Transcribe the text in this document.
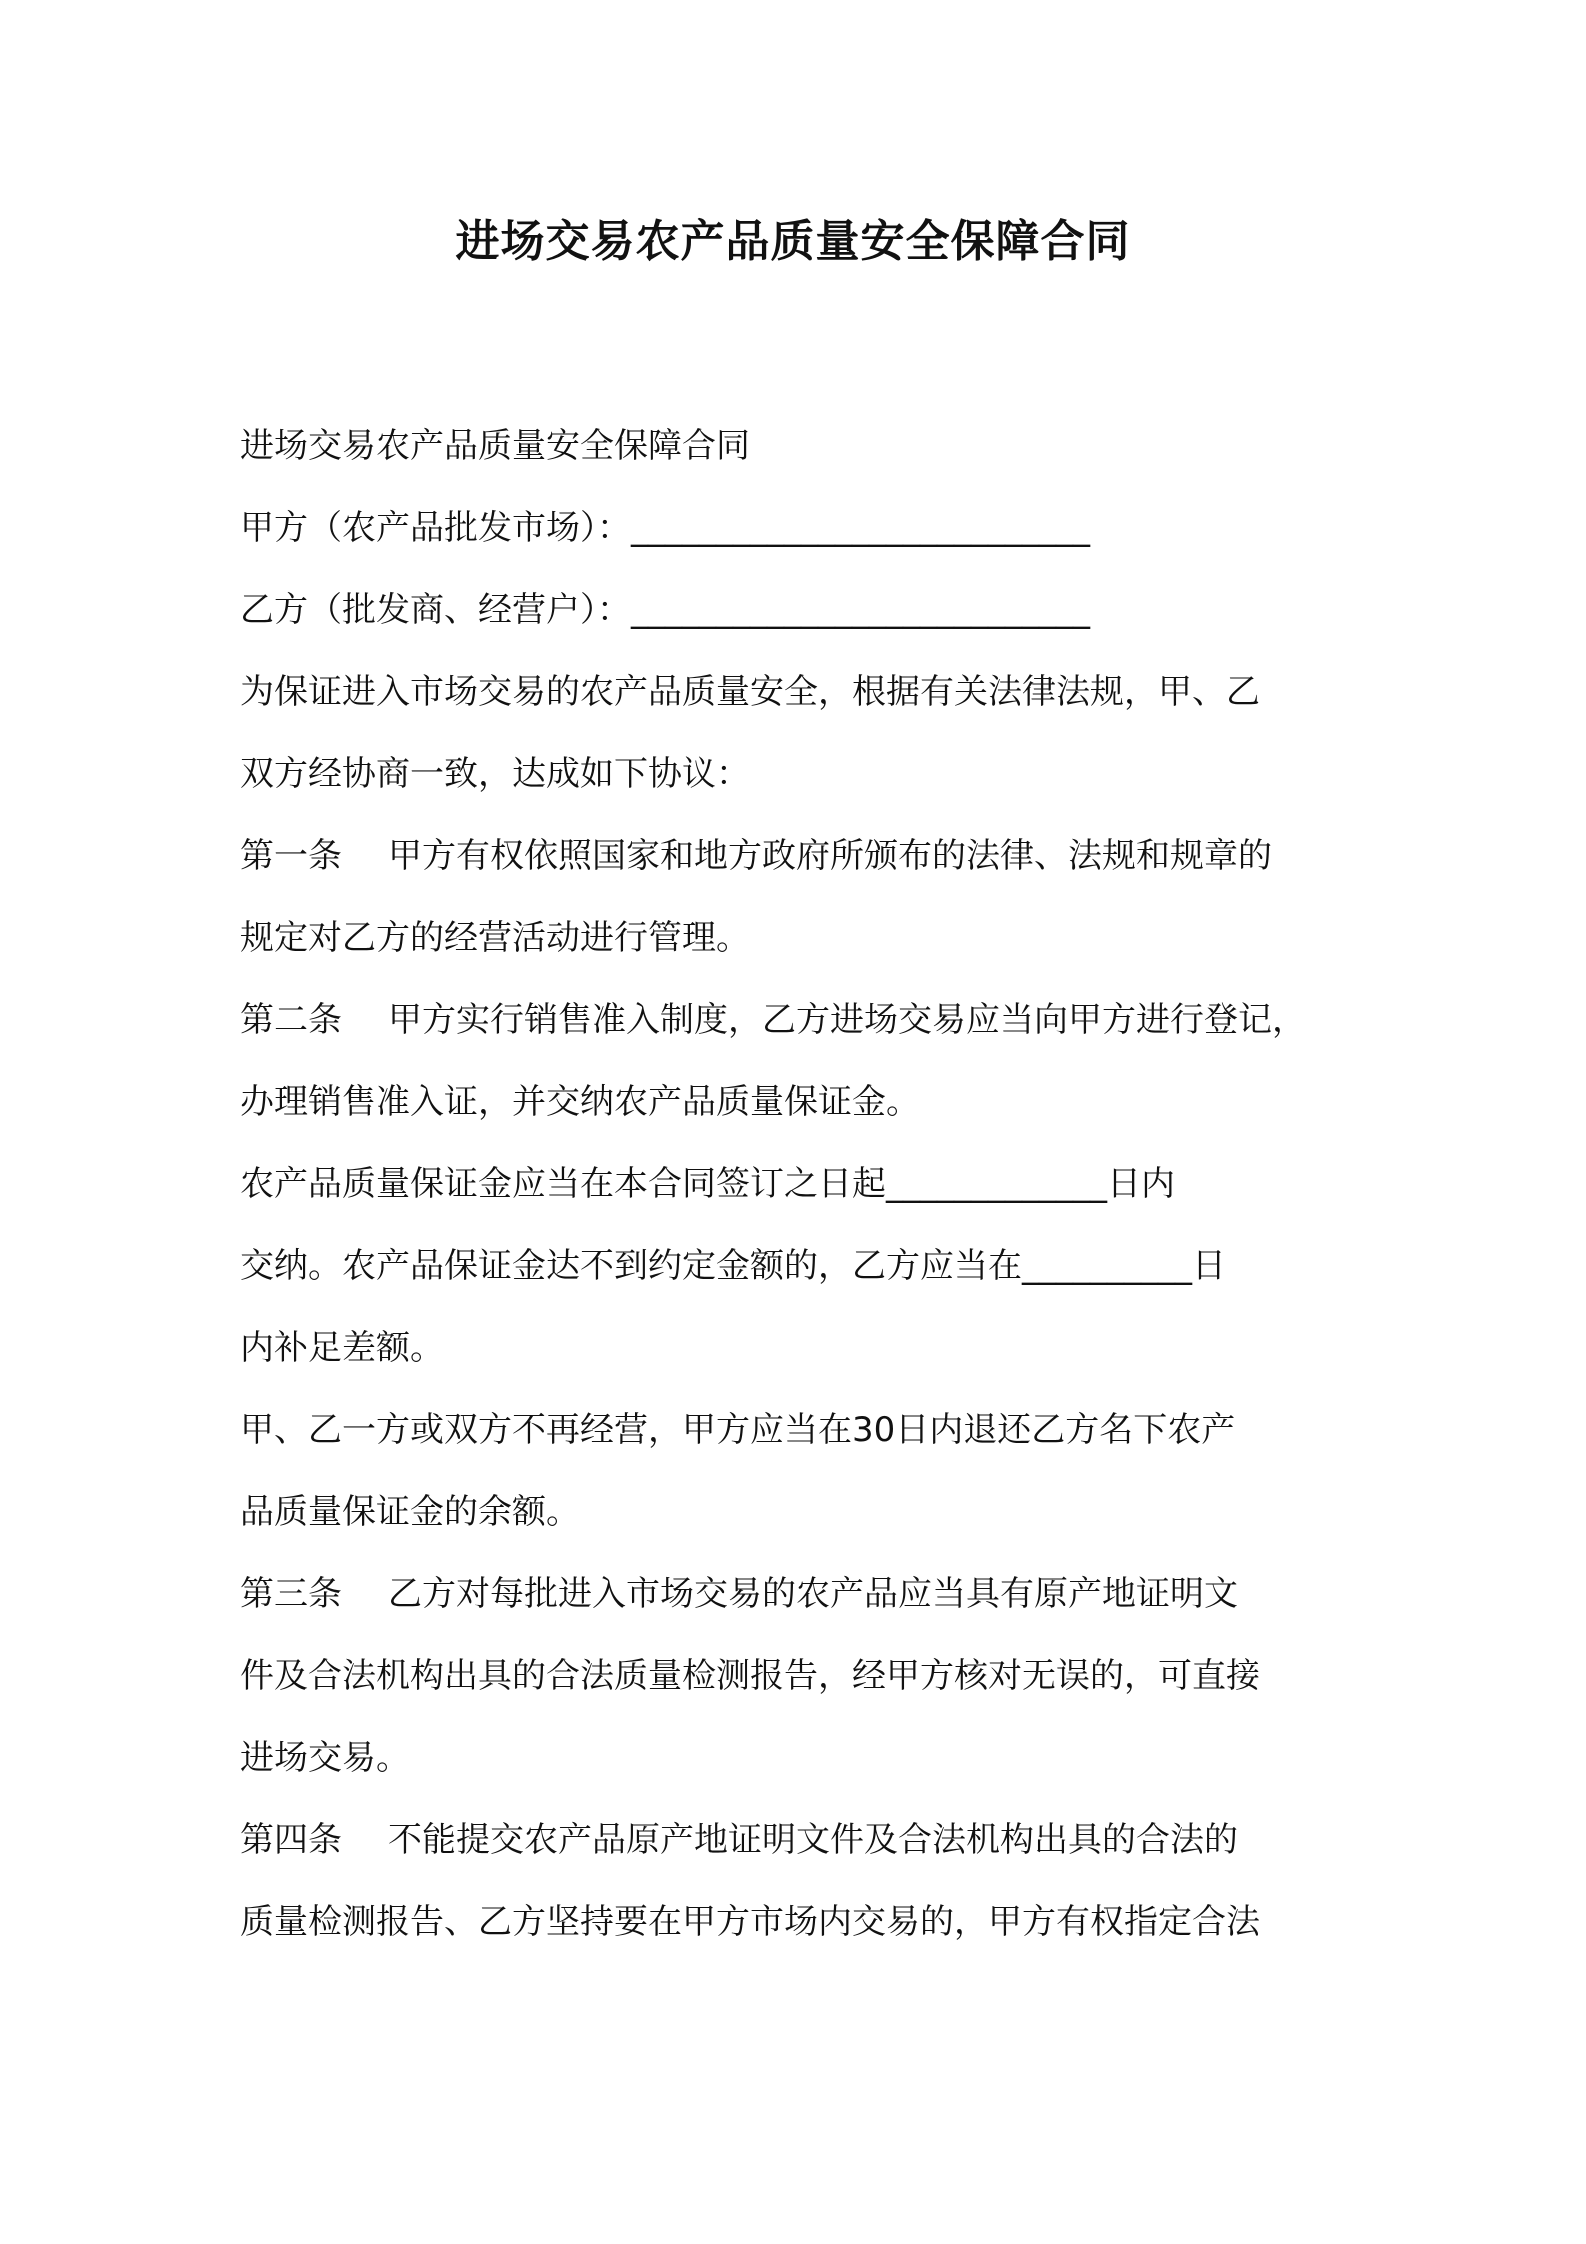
进场交易农产品质量安全保障合同
进场交易农产品质量安全保障合同
甲方（农产品批发市场）：___________________________
乙方（批发商、经营户）：___________________________
为保证进入市场交易的农产品质量安全，根据有关法律法规，甲、乙
双方经协商一致，达成如下协议：
第一条 甲方有权依照国家和地方政府所颁布的法律、法规和规章的
规定对乙方的经营活动进行管理。
第二条 甲方实行销售准入制度，乙方进场交易应当向甲方进行登记，
办理销售准入证，并交纳农产品质量保证金。
农产品质量保证金应当在本合同签订之日起_____________日内
交纳。农产品保证金达不到约定金额的，乙方应当在__________日
内补足差额。
甲、乙一方或双方不再经营，甲方应当在30日内退还乙方名下农产
品质量保证金的余额。
第三条 乙方对每批进入市场交易的农产品应当具有原产地证明文
件及合法机构出具的合法质量检测报告，经甲方核对无误的，可直接
进场交易。
第四条 不能提交农产品原产地证明文件及合法机构出具的合法的
质量检测报告、乙方坚持要在甲方市场内交易的，甲方有权指定合法
